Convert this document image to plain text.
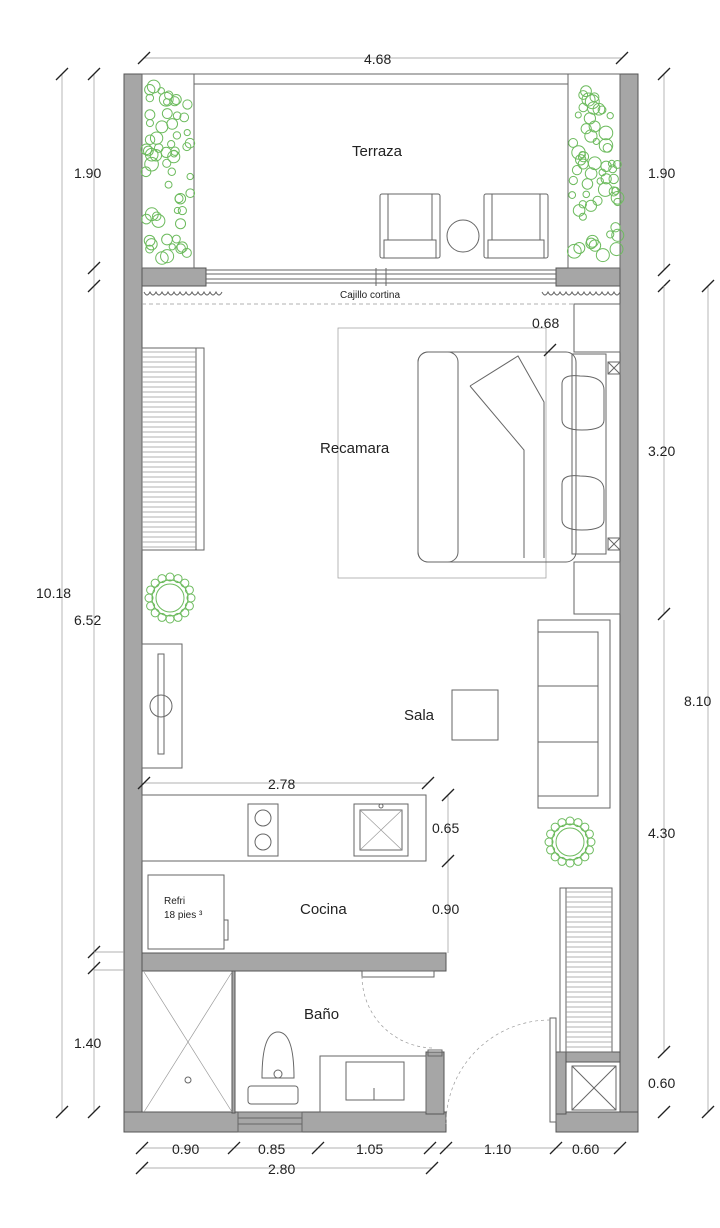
Terraza
Recamara
Sala
Cocina
Baño
Cajillo cortina
Refri
18 pies ³
4.68
1.90	1.90
0.68
3.20
10.18
6.52
8.10
2.78
0.65	4.30
0.90
1.40
0.60
0.90	0.85	1.05	1.10	0.60
2.80
